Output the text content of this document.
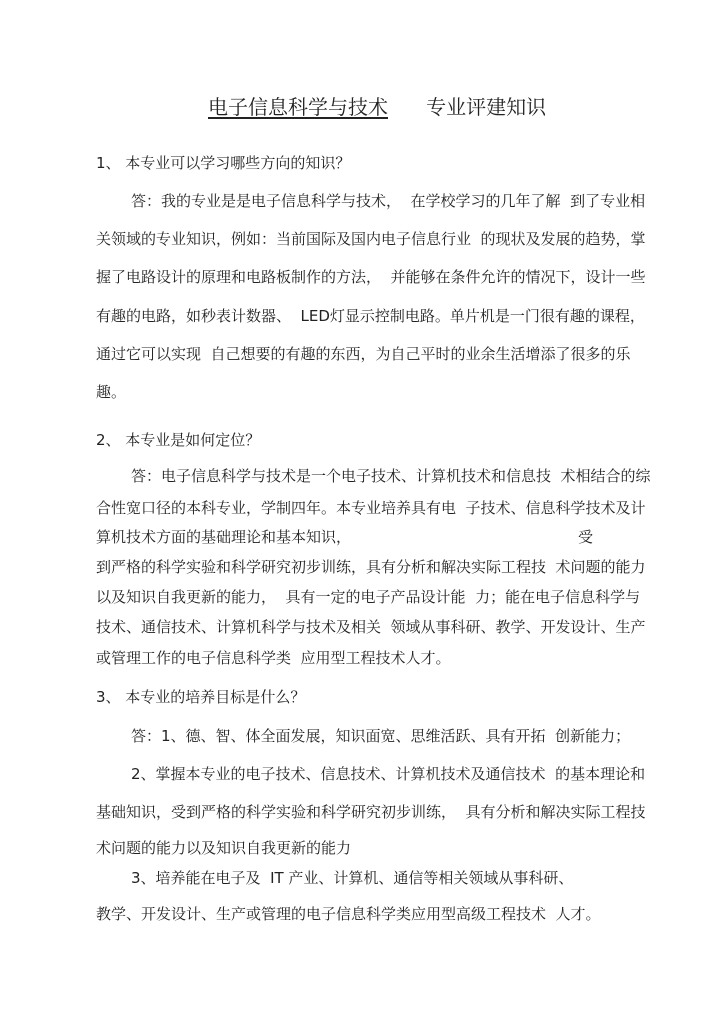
电子信息科学与技术 专业评建知识
1、 本专业可以学习哪些方向的知识？
答：我的专业是是电子信息科学与技术，  在学校学习的几年了解  到了专业相
关领域的专业知识，例如：当前国际及国内电子信息行业  的现状及发展的趋势，掌
握了电路设计的原理和电路板制作的方法，  并能够在条件允许的情况下，设计一些
有趣的电路，如秒表计数器、  LED灯显示控制电路。单片机是一门很有趣的课程，
通过它可以实现  自己想要的有趣的东西，为自己平时的业余生活增添了很多的乐
趣。
2、 本专业是如何定位？
答：电子信息科学与技术是一个电子技术、计算机技术和信息技  术相结合的综
合性宽口径的本科专业，学制四年。本专业培养具有电  子技术、信息科学技术及计
算机技术方面的基础理论和基本知识，	受
到严格的科学实验和科学研究初步训练，具有分析和解决实际工程技  术问题的能力
以及知识自我更新的能力，  具有一定的电子产品设计能  力；能在电子信息科学与
技术、通信技术、计算机科学与技术及相关  领域从事科研、教学、开发设计、生产
或管理工作的电子信息科学类  应用型工程技术人才。
3、 本专业的培养目标是什么？
答：1、德、智、体全面发展，知识面宽、思维活跃、具有开拓  创新能力；
2、掌握本专业的电子技术、信息技术、计算机技术及通信技术  的基本理论和
基础知识，受到严格的科学实验和科学研究初步训练，  具有分析和解决实际工程技
术问题的能力以及知识自我更新的能力
3、培养能在电子及  IT 产业、计算机、通信等相关领域从事科研、
教学、开发设计、生产或管理的电子信息科学类应用型高级工程技术  人才。
